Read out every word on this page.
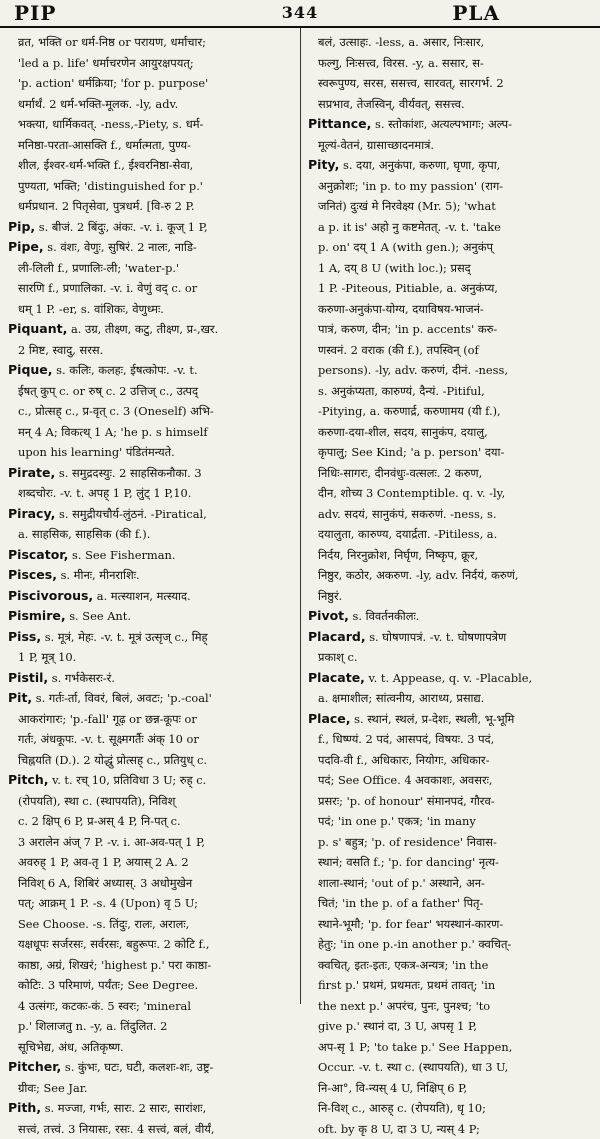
PIP	344	PLA
व्रत, भक्ति or धर्म-निष्ठ or परायण, धर्माचार;
'led a p. life' धर्माचरणेन आयुरक्षपयत्;
'p. action' धर्मक्रिया; 'for p. purpose'
धर्मार्थं. 2 धर्म-भक्ति-मूलक. -ly, adv.
भक्त्या, धार्मिकवत्. -ness,-Piety, s. धर्म-
मनिष्ठा-परता-आसक्ति f., धर्मात्मता, पुण्य-
शील, ईश्वर-धर्म-भक्ति f., ईश्वरनिष्ठा-सेवा,
पुण्यता, भक्ति; 'distinguished for p.'
धर्मप्रधान. 2 पितृसेवा, पुत्रधर्म. [वि-रु 2 P.
Pip, s. बीजं. 2 बिंदुः, अंकः. -v. i. कूज् 1 P,
Pipe, s. वंशः, वेणुः, सुषिरं. 2 नालः, नाडि-
ली-लिली f., प्रणालिः-ली; 'water-p.'
सारणि f., प्रणालिका. -v. i. वेणुं वद् c. or
धम् 1 P. -er, s. वांशिकः, वेणुध्मः.
Piquant, a. उग्र, तीक्ष्ण, कटु, तीक्ष्ण, प्र-,खर.
2 मिष्ट, स्वादु, सरस.
Pique, s. कलिः, कलहः, ईषत्कोपः. -v. t.
ईषत् कुप् c. or रुष् c. 2 उत्तिज् c., उत्पद्
c., प्रोत्सह् c., प्र-वृत् c. 3 (Oneself) अभि-
मन् 4 A; विकत्थ् 1 A; 'he p. s himself
upon his learning' पंडितंमन्यते.
Pirate, s. समुद्रदस्युः. 2 साहसिकनौका. 3
शब्दचोरः. -v. t. अपह् 1 P, लुंट् 1 P,10.
Piracy, s. समुद्रीयचौर्य-लुंठनं. -Piratical,
a. साहसिक, साहसिक (की f.).
Piscator, s. See Fisherman.
Pisces, s. मीनः, मीनराशिः.
Piscivorous, a. मत्स्याशन, मत्स्याद.
Pismire, s. See Ant.
Piss, s. मूत्रं, मेहः. -v. t. मूत्रं उत्सृज् c., मिह्
1 P, मूत्र् 10.
Pistil, s. गर्भकेसरः-रं.
Pit, s. गर्तः-र्ता, विवरं, बिलं, अवटः; 'p.-coal'
आकरांगारः; 'p.-fall' गूढ़ or छन्न-कूपः or
गर्तः, अंधकूपः. -v. t. सूक्ष्मगर्तैः अंक् 10 or
चिह्नयति (D.). 2 योद्धुं प्रोत्सह् c., प्रतियुध् c.
Pitch, v. t. रच् 10, प्रतिविधा 3 U; रुह् c.
(रोपयति), स्था c. (स्थापयति), निविश्
c. 2 क्षिप् 6 P, प्र-अस् 4 P, नि-पत् c.
3 अरालेन अंज् 7 P. -v. i. आ-अव-पत् 1 P,
अवरुह् 1 P, अव-तृ 1 P, अयास् 2 A. 2
निविश् 6 A, शिबिरं अध्यास्. 3 अधोमुखेन
पत्; आक्रम् 1 P. -s. 4 (Upon) वृ 5 U;
See Choose. -s. तिंदुः, रालः, अरालः,
यक्षधूपः सर्जरसः, सर्वरसः, बहुरूपः. 2 कोटि f.,
काष्ठा, अग्रं, शिखरं; 'highest p.' परा काष्ठा-
कोटिः. 3 परिमाणं, पर्यंतः; See Degree.
4 उत्संगः, कटकः-कं. 5 स्वरः; 'mineral
p.' शिलाजतु n. -y, a. तिंदुलित. 2
सूचिभेद्य, अंध, अतिकृष्ण.
Pitcher, s. कुंभः, घटः, घटी, कलशः-शः, उष्ट्र-
ग्रीवः; See Jar.
Pith, s. मज्जा, गर्भः, सारः. 2 सारः, सारांशः,
सत्त्वं, तत्त्वं. 3 नियासः, रसः. 4 सत्त्वं, बलं, वीर्यं,
बलं, उत्साहः. -less, a. असार, निःसार,
फल्गु, निःसत्त्व, विरस. -y, a. ससार, स-
स्वरूपुण्य, सरस, ससत्त्व, सारवत्, सारगर्भ. 2
सप्रभाव, तेजस्विन्, वीर्यवत्, ससत्त्व.
Pittance, s. स्तोकांशः, अत्यल्पभागः; अल्प-
मूल्यं-वेतनं, ग्रासाच्छादनमात्रं.
Pity, s. दया, अनुकंपा, करुणा, घृणा, कृपा,
अनुक्रोशः; 'in p. to my passion' (राग-
जनितं) दुःखं मे निरवेक्ष्य (Mr. 5); 'what
a p. it is' अहो नु कष्टमेतत्. -v. t. 'take
p. on' दय् 1 A (with gen.); अनुकंप्
1 A, दय् 8 U (with loc.); प्रसद्
1 P. -Piteous, Pitiable, a. अनुकंप्य,
करुणा-अनुकंपा-योग्य, दयाविषय-भाजनं-
पात्रं, करुण, दीन; 'in p. accents' करु-
णस्वनं. 2 वराक (की f.), तपस्विन् (of
persons). -ly, adv. करुणं, दीनं. -ness,
s. अनुकंप्यता, कारुण्यं, दैन्यं. -Pitiful,
-Pitying, a. करुणार्द्र, करुणामय (यी f.),
करुणा-दया-शील, सदय, सानुकंप, दयालु,
कृपालु; See Kind; 'a p. person' दया-
निधिः-सागरः, दीनवंधुः-वत्सलः. 2 करुण,
दीन, शोच्य 3 Contemptible. q. v. -ly,
adv. सदयं, सानुकंपं, सकरुणं. -ness, s.
दयालुता, कारुण्य, दयार्द्रता. -Pitiless, a.
निर्दय, निरनुक्रोश, निर्घृण, निष्कृप, क्रूर,
निष्ठुर, कठोर, अकरुण. -ly, adv. निर्दयं, करुणं,
निष्ठुरं.
Pivot, s. विवर्तनकीलः.
Placard, s. घोषणापत्रं. -v. t. घोषणापत्रेण
प्रकाश् c.
Placate, v. t. Appease, q. v. -Placable,
a. क्षमाशील; सांत्वनीय, आराध्य, प्रसाद्य.
Place, s. स्थानं, स्थलं, प्र-देशः, स्थली, भू-भूमि
f., धिष्ण्यं. 2 पदं, आसपदं, विषयः. 3 पदं,
पदवि-वी f., अधिकारः, नियोगः, अधिकार-
पदं; See Office. 4 अवकाशः, अवसरः,
प्रसरः; 'p. of honour' संमानपदं, गौरव-
पदं; 'in one p.' एकत्र; 'in many
p. s' बहुत्र; 'p. of residence' निवास-
स्थानं; वसति f.; 'p. for dancing' नृत्य-
शाला-स्थानं; 'out of p.' अस्थाने, अन-
चितं; 'in the p. of a father' पितृ-
स्थाने-भूमौ; 'p. for fear' भयस्थानं-कारण-
हेतुः; 'in one p.-in another p.' क्वचित्-
क्वचित्, इतः-इतः, एकत्र-अन्यत्र; 'in the
first p.' प्रथमं, प्रथमतः, प्रथमं तावत्; 'in
the next p.' अपरंच, पुनः, पुनश्च; 'to
give p.' स्थानं दा, 3 U, अपसृ 1 P,
अप-सृ 1 P; 'to take p.' See Happen,
Occur. -v. t. स्था c. (स्थापयति), धा 3 U,
नि-आ°, वि-न्यस् 4 U, निक्षिप् 6 P,
नि-विश् c., आरुह् c. (रोपयति), धृ 10;
oft. by कृ 8 U, दा 3 U, न्यस् 4 P;
